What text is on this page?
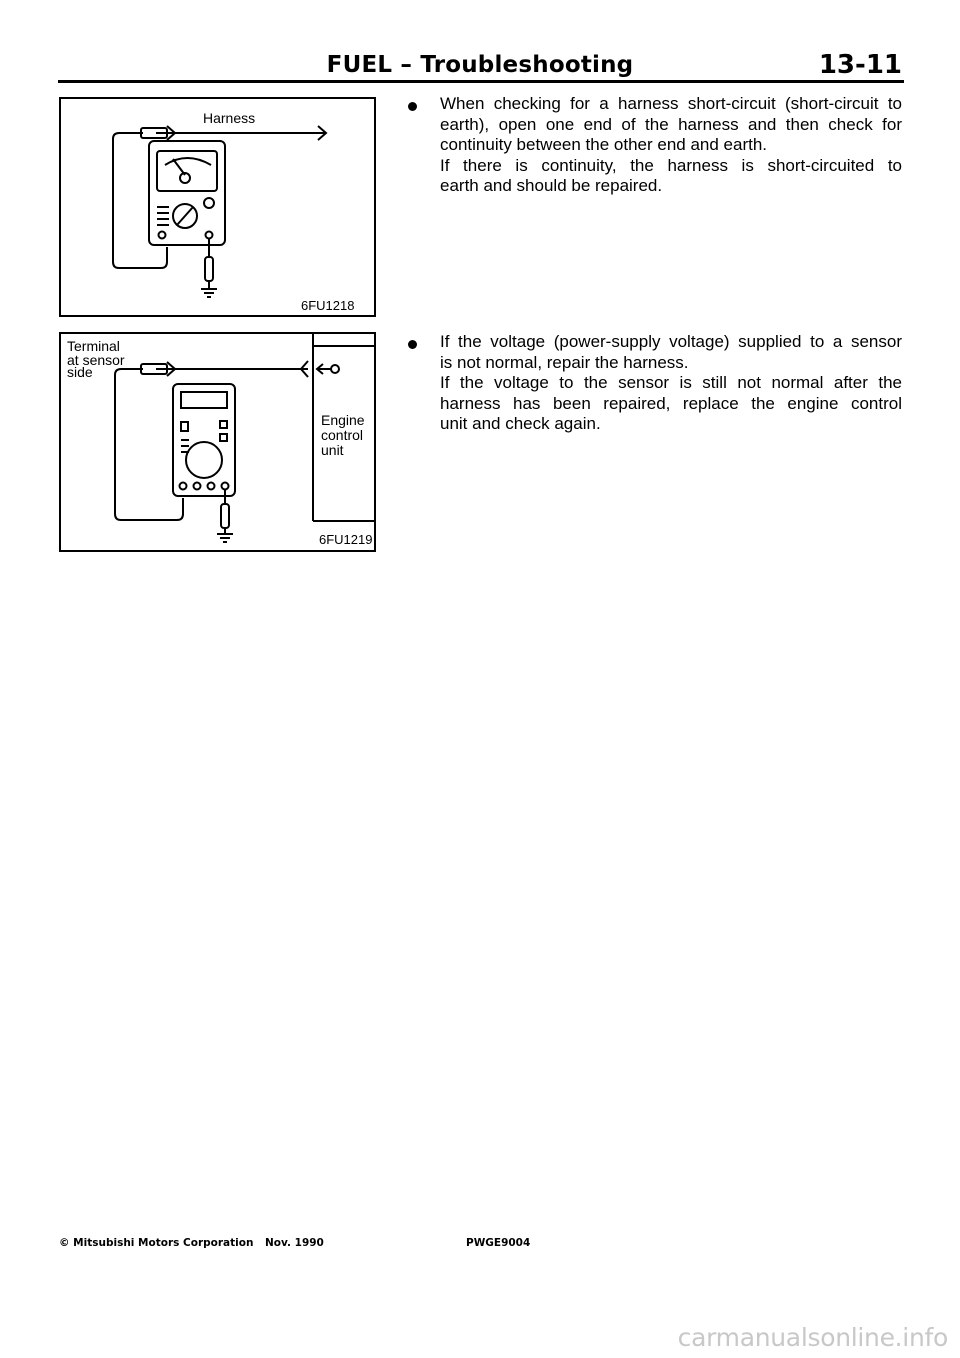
FUEL – Troubleshooting	13-11
Harness
6FU1218
Terminal
at sensor
side
Engine
control
unit
6FU1219
When checking for a harness short-circuit (short-circuit to
earth), open one end of the harness and then check for
continuity between the other end and earth.
If there is continuity, the harness is short-circuited to
earth and should be repaired.
If the voltage (power-supply voltage) supplied to a sensor
is not normal, repair the harness.
If the voltage to the sensor is still not normal after the
harness has been repaired, replace the engine control
unit and check again.
© Mitsubishi Motors Corporation Nov. 1990	PWGE9004
carmanualsonline.info
